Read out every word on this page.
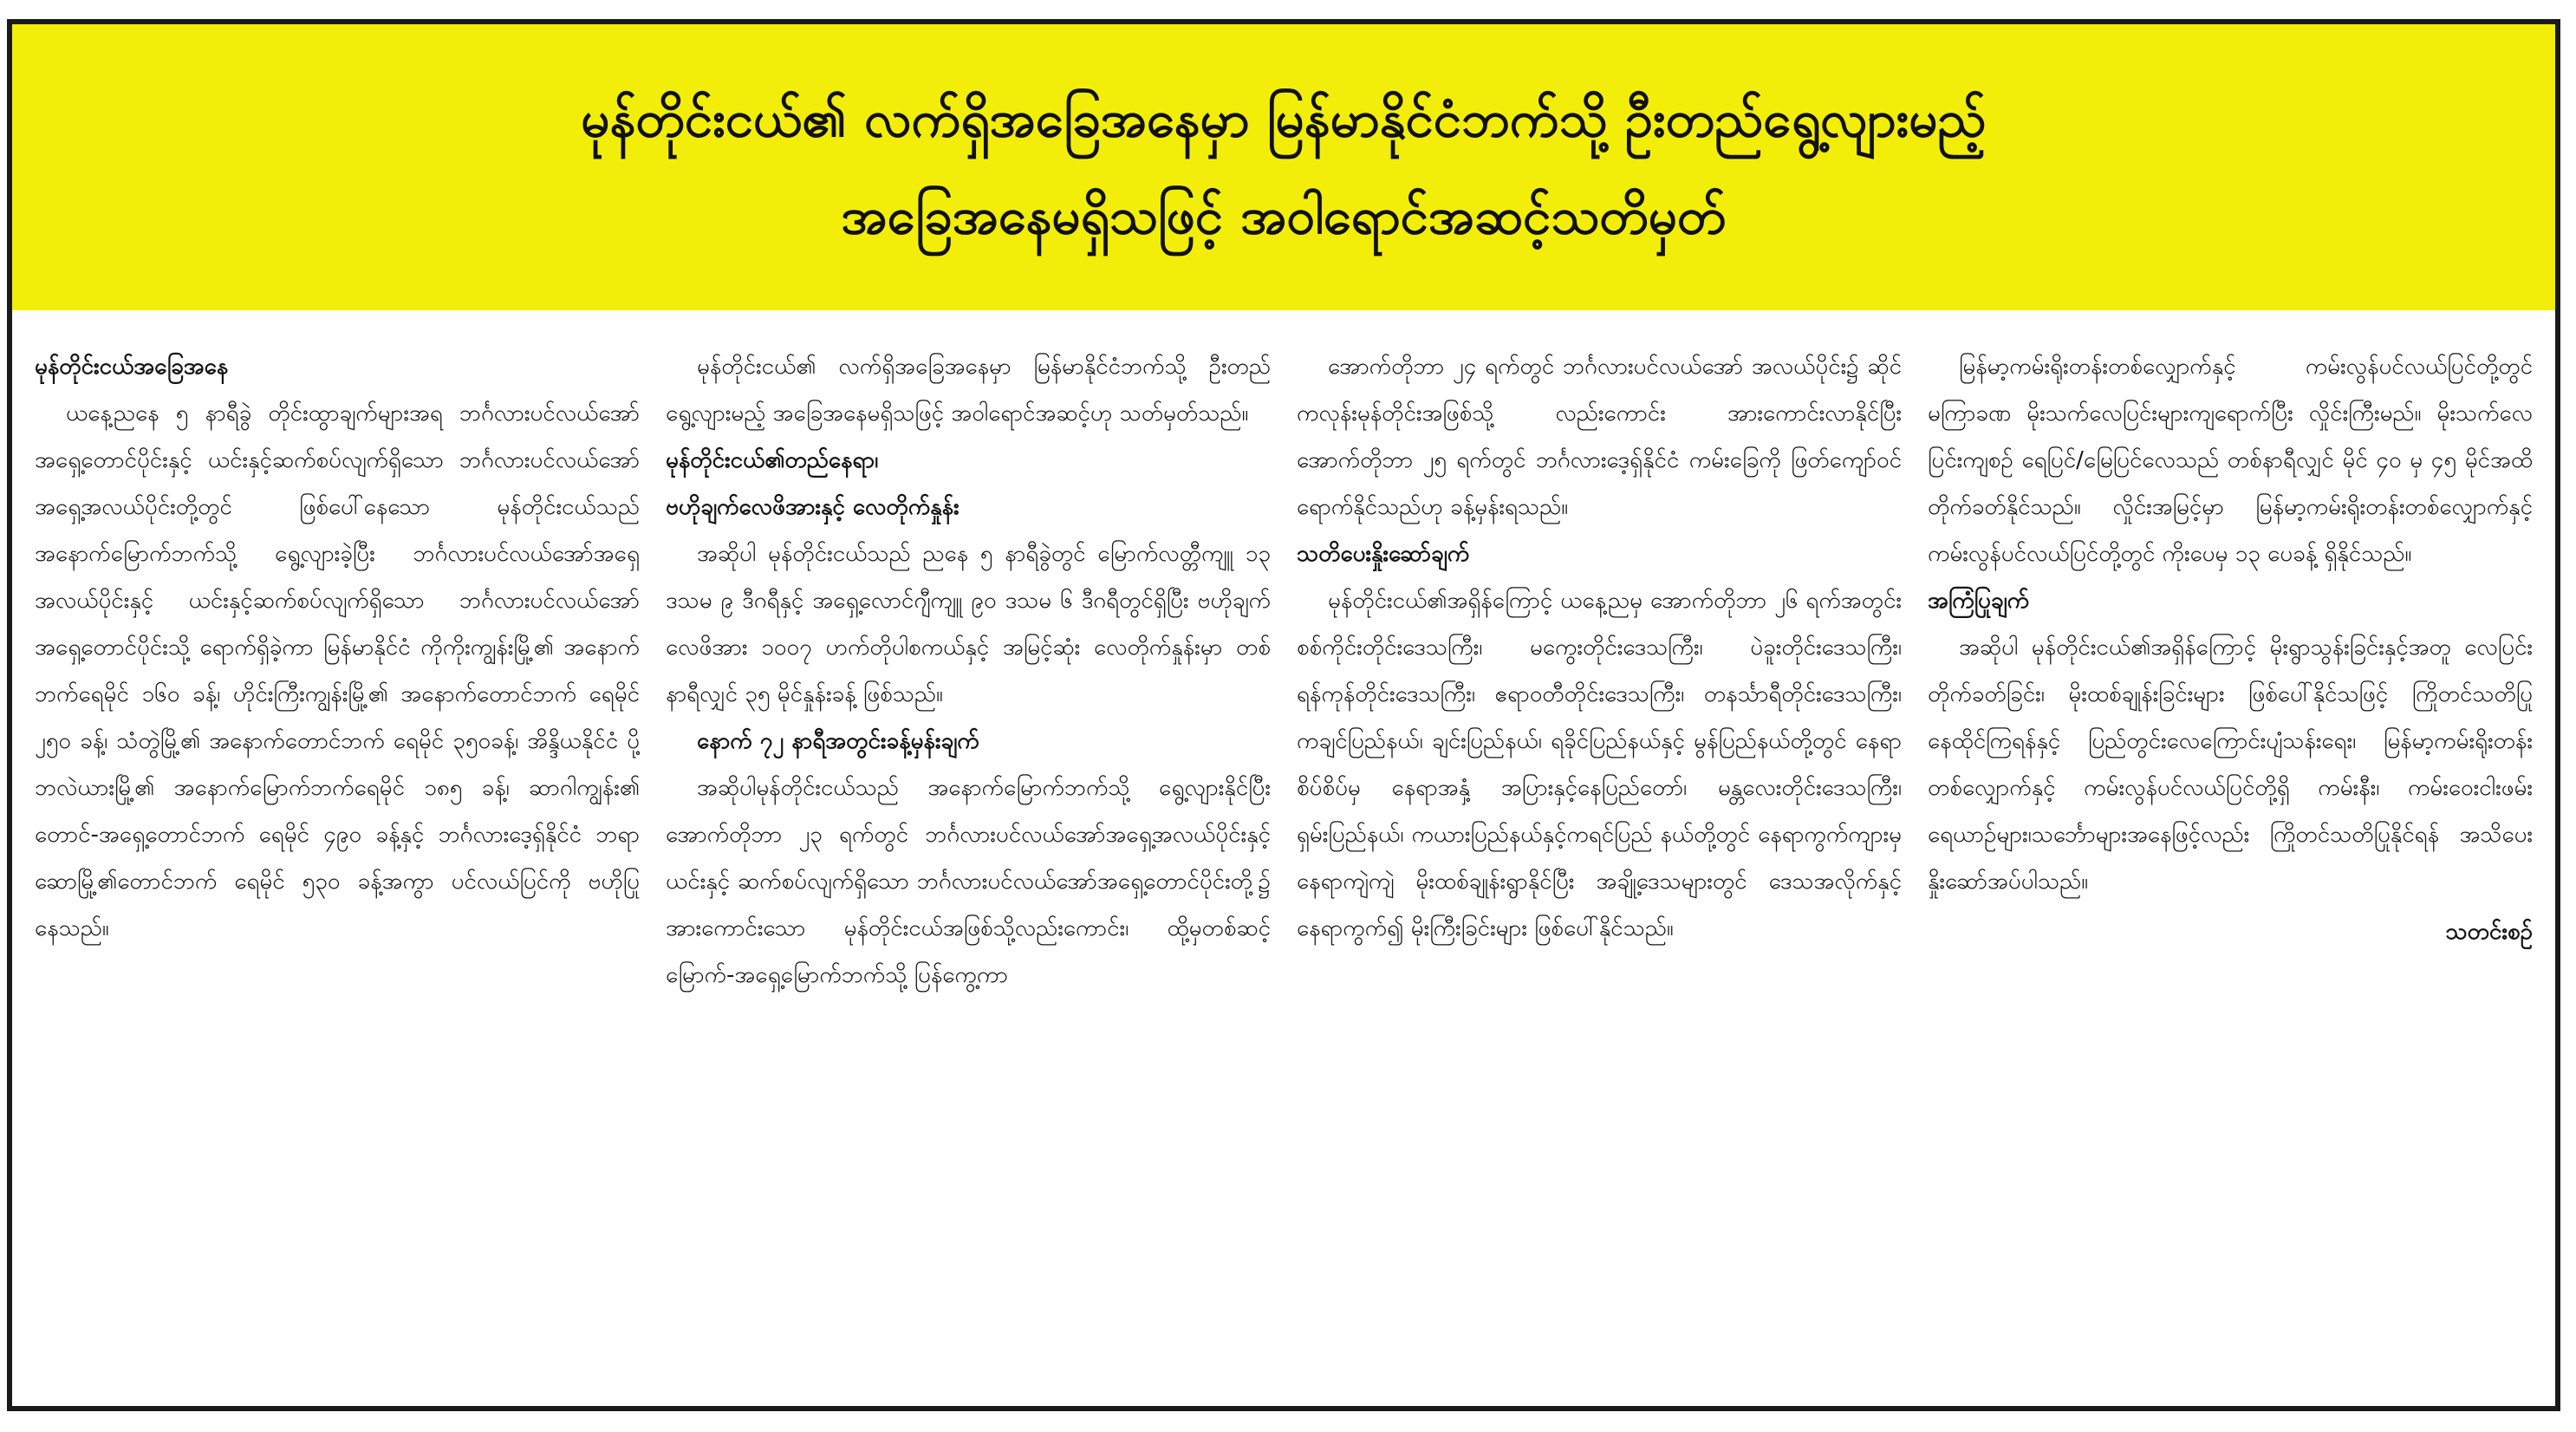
မုန်တိုင်းငယ်၏ လက်ရှိအခြေအနေမှာ မြန်မာနိုင်ငံဘက်သို့ ဦးတည်ရွေ့လျားမည့်
အခြေအနေမရှိသဖြင့် အဝါရောင်အဆင့်သတိမှတ်

မုန်တိုင်းငယ်အခြေအနေ

ယနေ့ညနေ ၅ နာရီခွဲ တိုင်းထွာချက်များအရ ဘင်္ဂလားပင်လယ်အော် အရှေ့တောင်ပိုင်းနှင့် ယင်းနှင့်ဆက်စပ်လျက်ရှိသော ဘင်္ဂလားပင်လယ်အော်အရှေ့အလယ်ပိုင်းတို့တွင် ဖြစ်ပေါ်နေသော မုန်တိုင်းငယ်သည် အနောက်မြောက်ဘက်သို့ ရွေ့လျားခဲ့ပြီး ဘင်္ဂလားပင်လယ်အော်အရှေ့အလယ်ပိုင်းနှင့် ယင်းနှင့်ဆက်စပ်လျက်ရှိသော ဘင်္ဂလားပင်လယ်အော် အရှေ့တောင်ပိုင်းသို့ ရောက်ရှိခဲ့ကာ မြန်မာနိုင်ငံ ကိုကိုးကျွန်းမြို့၏ အနောက်ဘက်ရေမိုင် ၁၆၀ ခန့်၊ ဟိုင်းကြီးကျွန်းမြို့၏ အနောက်တောင်ဘက် ရေမိုင် ၂၅၀ ခန့်၊ သံတွဲမြို့၏ အနောက်တောင်ဘက် ရေမိုင် ၃၅၀ခန့်၊ အိန္ဒိယနိုင်ငံ ပို့ဘလဲယားမြို့၏ အနောက်မြောက်ဘက်ရေမိုင် ၁၈၅ ခန့်၊ ဆာဂါကျွန်း၏ တောင်-အရှေ့တောင်ဘက် ရေမိုင် ၄၉၀ ခန့်နှင့် ဘင်္ဂလားဒေ့ရှ်နိုင်ငံ ဘရာဆောမြို့၏တောင်ဘက် ရေမိုင် ၅၃၀ ခန့်အကွာ ပင်လယ်ပြင်ကို ဗဟိုပြုနေသည်။

မုန်တိုင်းငယ်၏ လက်ရှိအခြေအနေမှာ မြန်မာနိုင်ငံဘက်သို့ ဦးတည်ရွေ့လျားမည့် အခြေအနေမရှိသဖြင့် အဝါရောင်အဆင့်ဟု သတ်မှတ်သည်။

မုန်တိုင်းငယ်၏တည်နေရာ၊

ဗဟိုချက်လေဖိအားနှင့် လေတိုက်နှုန်း

အဆိုပါ မုန်တိုင်းငယ်သည် ညနေ ၅ နာရီခွဲတွင် မြောက်လတ္တီကျူ ၁၃ ဒသမ ၉ ဒီဂရီနှင့် အရှေ့လောင်ဂျီကျူ ၉၀ ဒသမ ၆ ဒီဂရီတွင်ရှိပြီး ဗဟိုချက် လေဖိအား ၁၀၀၇ ဟက်တိုပါစကယ်နှင့် အမြင့်ဆုံး လေတိုက်နှုန်းမှာ တစ်နာရီလျှင် ၃၅ မိုင်နှုန်းခန့် ဖြစ်သည်။

နောက် ၇၂ နာရီအတွင်းခန့်မှန်းချက်

အဆိုပါမုန်တိုင်းငယ်သည် အနောက်မြောက်ဘက်သို့ ရွေ့လျားနိုင်ပြီး အောက်တိုဘာ ၂၃ ရက်တွင် ဘင်္ဂလားပင်လယ်အော်အရှေ့အလယ်ပိုင်းနှင့် ယင်းနှင့် ဆက်စပ်လျက်ရှိသော ဘင်္ဂလားပင်လယ်အော်အရှေ့တောင်ပိုင်းတို့၌ အားကောင်းသော မုန်တိုင်းငယ်အဖြစ်သို့လည်းကောင်း၊ ထို့မှတစ်ဆင့် မြောက်-အရှေ့မြောက်ဘက်သို့ ပြန်ကွေ့ကာ

အောက်တိုဘာ ၂၄ ရက်တွင် ဘင်္ဂလားပင်လယ်အော် အလယ်ပိုင်း၌ ဆိုင်ကလုန်းမုန်တိုင်းအဖြစ်သို့ လည်းကောင်း အားကောင်းလာနိုင်ပြီး အောက်တိုဘာ ၂၅ ရက်တွင် ဘင်္ဂလားဒေ့ရှ်နိုင်ငံ ကမ်းခြေကို ဖြတ်ကျော်ဝင်ရောက်နိုင်သည်ဟု ခန့်မှန်းရသည်။

သတိပေးနှိုးဆော်ချက်

မုန်တိုင်းငယ်၏အရှိန်ကြောင့် ယနေ့ညမှ အောက်တိုဘာ ၂၆ ရက်အတွင်း စစ်ကိုင်းတိုင်းဒေသကြီး၊ မကွေးတိုင်းဒေသကြီး၊ ပဲခူးတိုင်းဒေသကြီး၊ ရန်ကုန်တိုင်းဒေသကြီး၊ ဧရာဝတီတိုင်းဒေသကြီး၊ တနင်္သာရီတိုင်းဒေသကြီး၊ ကချင်ပြည်နယ်၊ ချင်းပြည်နယ်၊ ရခိုင်ပြည်နယ်နှင့် မွန်ပြည်နယ်တို့တွင် နေရာစိပ်စိပ်မှ နေရာအနှံ့ အပြားနှင့်နေပြည်တော်၊ မန္တလေးတိုင်းဒေသကြီး၊ ရှမ်းပြည်နယ်၊ ကယားပြည်နယ်နှင့်ကရင်ပြည် နယ်တို့တွင် နေရာကွက်ကျားမှ နေရာကျဲကျဲ မိုးထစ်ချုန်းရွာနိုင်ပြီး အချို့ဒေသများတွင် ဒေသအလိုက်နှင့် နေရာကွက်၍ မိုးကြီးခြင်းများ ဖြစ်ပေါ်နိုင်သည်။

မြန်မာ့ကမ်းရိုးတန်းတစ်လျှောက်နှင့် ကမ်းလွန်ပင်လယ်ပြင်တို့တွင် မကြာခဏ မိုးသက်လေပြင်းများကျရောက်ပြီး လှိုင်းကြီးမည်။ မိုးသက်လေပြင်းကျစဉ် ရေပြင်/မြေပြင်လေသည် တစ်နာရီလျှင် မိုင် ၄၀ မှ ၄၅ မိုင်အထိ တိုက်ခတ်နိုင်သည်။ လှိုင်းအမြင့်မှာ မြန်မာ့ကမ်းရိုးတန်းတစ်လျှောက်နှင့် ကမ်းလွန်ပင်လယ်ပြင်တို့တွင် ကိုးပေမှ ၁၃ ပေခန့် ရှိနိုင်သည်။

အကြံပြုချက်

အဆိုပါ မုန်တိုင်းငယ်၏အရှိန်ကြောင့် မိုးရွာသွန်းခြင်းနှင့်အတူ လေပြင်းတိုက်ခတ်ခြင်း၊ မိုးထစ်ချုန်းခြင်းများ ဖြစ်ပေါ်နိုင်သဖြင့် ကြိုတင်သတိပြုနေထိုင်ကြရန်နှင့် ပြည်တွင်းလေကြောင်းပျံသန်းရေး၊ မြန်မာ့ကမ်းရိုးတန်းတစ်လျှောက်နှင့် ကမ်းလွန်ပင်လယ်ပြင်တို့ရှိ ကမ်းနီး၊ ကမ်းဝေးငါးဖမ်းရေယာဉ်များ၊သင်္ဘောများအနေဖြင့်လည်း ကြိုတင်သတိပြုနိုင်ရန် အသိပေးနှိုးဆော်အပ်ပါသည်။

သတင်းစဉ်
